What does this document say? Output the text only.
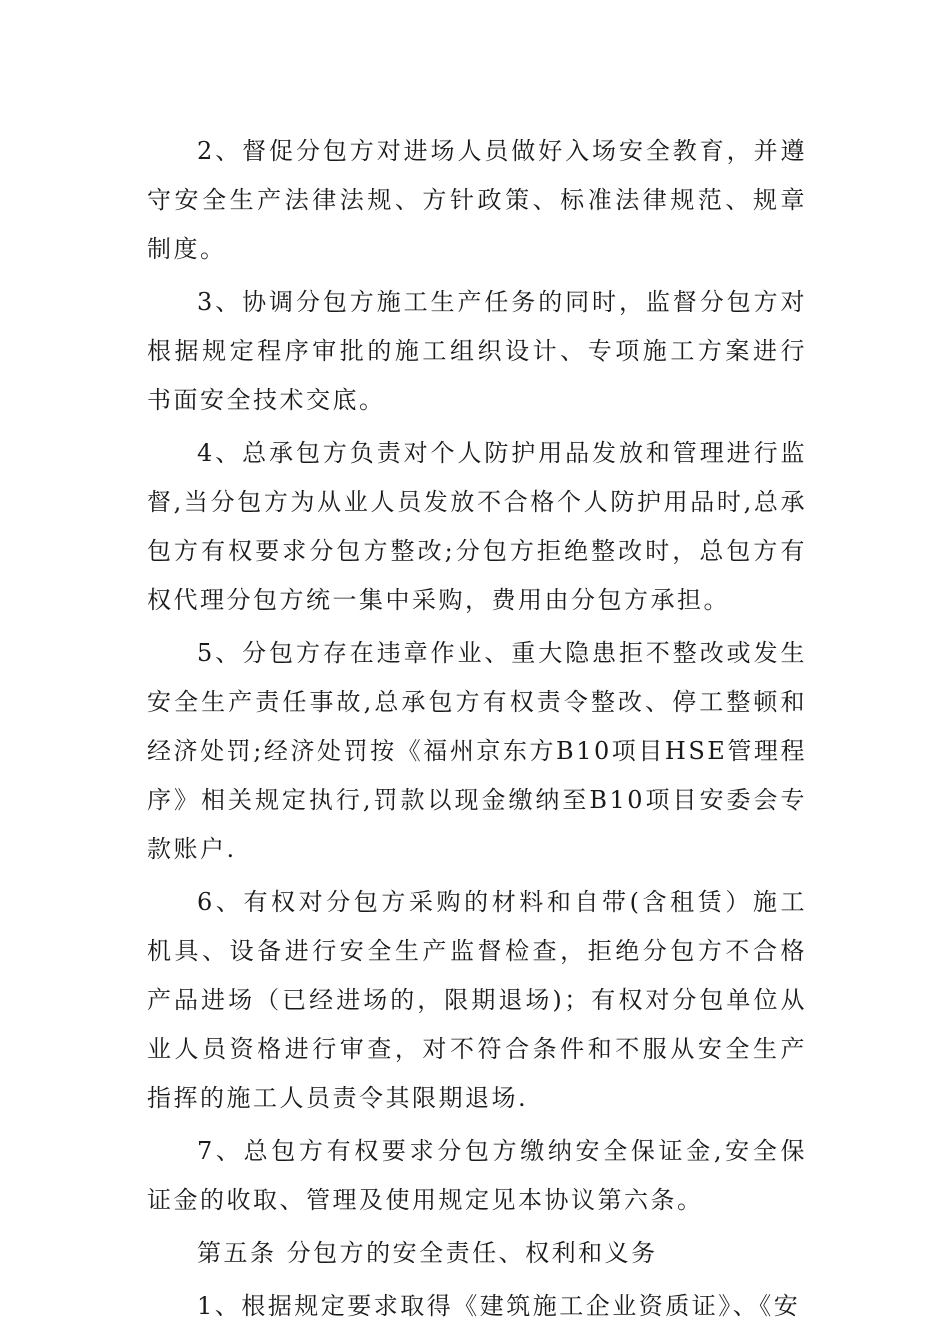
2、督促分包方对进场人员做好入场安全教育，并遵守安全生产法律法规、方针政策、标准法律规范、规章制度。

3、协调分包方施工生产任务的同时，监督分包方对根据规定程序审批的施工组织设计、专项施工方案进行书面安全技术交底。

4、总承包方负责对个人防护用品发放和管理进行监督,当分包方为从业人员发放不合格个人防护用品时,总承包方有权要求分包方整改;分包方拒绝整改时，总包方有权代理分包方统一集中采购，费用由分包方承担。

5、分包方存在违章作业、重大隐患拒不整改或发生安全生产责任事故,总承包方有权责令整改、停工整顿和经济处罚;经济处罚按《福州京东方B10项目HSE管理程序》相关规定执行,罚款以现金缴纳至B10项目安委会专款账户.

6、有权对分包方采购的材料和自带(含租赁）施工机具、设备进行安全生产监督检查，拒绝分包方不合格产品进场（已经进场的，限期退场)；有权对分包单位从业人员资格进行审查，对不符合条件和不服从安全生产指挥的施工人员责令其限期退场.

7、总包方有权要求分包方缴纳安全保证金,安全保证金的收取、管理及使用规定见本协议第六条。

第五条 分包方的安全责任、权利和义务

1、根据规定要求取得《建筑施工企业资质证》、《安
